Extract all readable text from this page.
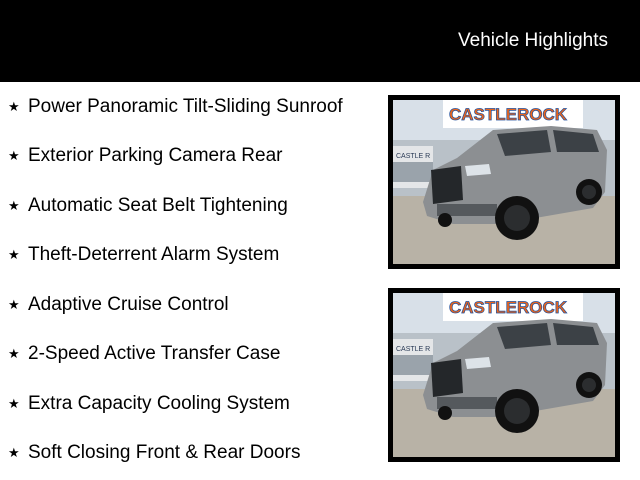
Vehicle Highlights
★ Power Panoramic Tilt-Sliding Sunroof
★ Exterior Parking Camera Rear
★ Automatic Seat Belt Tightening
★ Theft-Deterrent Alarm System
★ Adaptive Cruise Control
★ 2-Speed Active Transfer Case
★ Extra Capacity Cooling System
★ Soft Closing Front & Rear Doors
CASTLE R
CASTLEROCK
CASTLE R
CASTLEROCK
